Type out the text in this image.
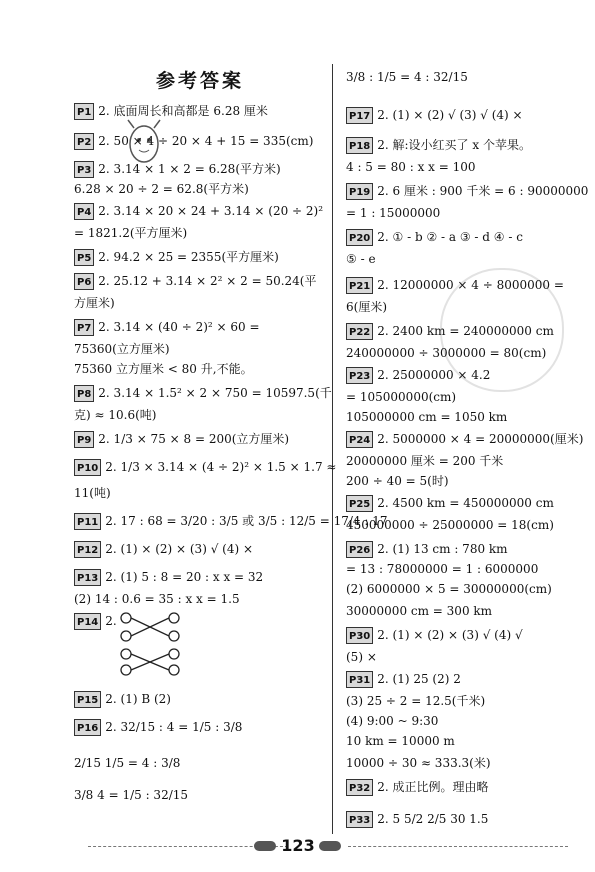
参考答案
P1 2. 底面周长和高都是 6.28 厘米
P2 2. 50 × 4 ÷ 20 × 4 + 15 = 335(cm)
P3 2. 3.14 × 1 × 2 = 6.28(平方米)
6.28 × 20 ÷ 2 = 62.8(平方米)
P4 2. 3.14 × 20 × 24 + 3.14 × (20 ÷ 2)²
= 1821.2(平方厘米)
P5 2. 94.2 × 25 = 2355(平方厘米)
P6 2. 25.12 + 3.14 × 2² × 2 = 50.24(平
方厘米)
P7 2. 3.14 × (40 ÷ 2)² × 60 =
75360(立方厘米)
75360 立方厘米 < 80 升,不能。
P8 2. 3.14 × 1.5² × 2 × 750 = 10597.5(千
克) ≈ 10.6(吨)
P9 2. 1/3 × 75 × 8 = 200(立方厘米)
P10 2. 1/3 × 3.14 × (4 ÷ 2)² × 1.5 × 1.7 ≈
11(吨)
P11 2. 17 : 68 = 3/20 : 3/5 或 3/5 : 12/5 = 17/4 : 17
P12 2. (1) × (2) × (3) √ (4) ×
P13 2. (1) 5 : 8 = 20 : x x = 32
(2) 14 : 0.6 = 35 : x x = 1.5
P14 2.
P15 2. (1) B (2)
P16 2. 32/15 : 4 = 1/5 : 3/8
2/15 1/5 = 4 : 3/8
3/8 4 = 1/5 : 32/15
3/8 : 1/5 = 4 : 32/15
P17 2. (1) × (2) √ (3) √ (4) ×
P18 2. 解:设小红买了 x 个苹果。
4 : 5 = 80 : x x = 100
P19 2. 6 厘米 : 900 千米 = 6 : 90000000
= 1 : 15000000
P20 2. ① - b ② - a ③ - d ④ - c
⑤ - e
P21 2. 12000000 × 4 ÷ 8000000 =
6(厘米)
P22 2. 2400 km = 240000000 cm
240000000 ÷ 3000000 = 80(cm)
P23 2. 25000000 × 4.2
= 105000000(cm)
105000000 cm = 1050 km
P24 2. 5000000 × 4 = 20000000(厘米)
20000000 厘米 = 200 千米
200 ÷ 40 = 5(时)
P25 2. 4500 km = 450000000 cm
450000000 ÷ 25000000 = 18(cm)
P26 2. (1) 13 cm : 780 km
= 13 : 78000000 = 1 : 6000000
(2) 6000000 × 5 = 30000000(cm)
30000000 cm = 300 km
P30 2. (1) × (2) × (3) √ (4) √
(5) ×
P31 2. (1) 25 (2) 2
(3) 25 ÷ 2 = 12.5(千米)
(4) 9:00 ~ 9:30
10 km = 10000 m
10000 ÷ 30 ≈ 333.3(米)
P32 2. 成正比例。理由略
P33 2. 5 5/2 2/5 30 1.5
123
